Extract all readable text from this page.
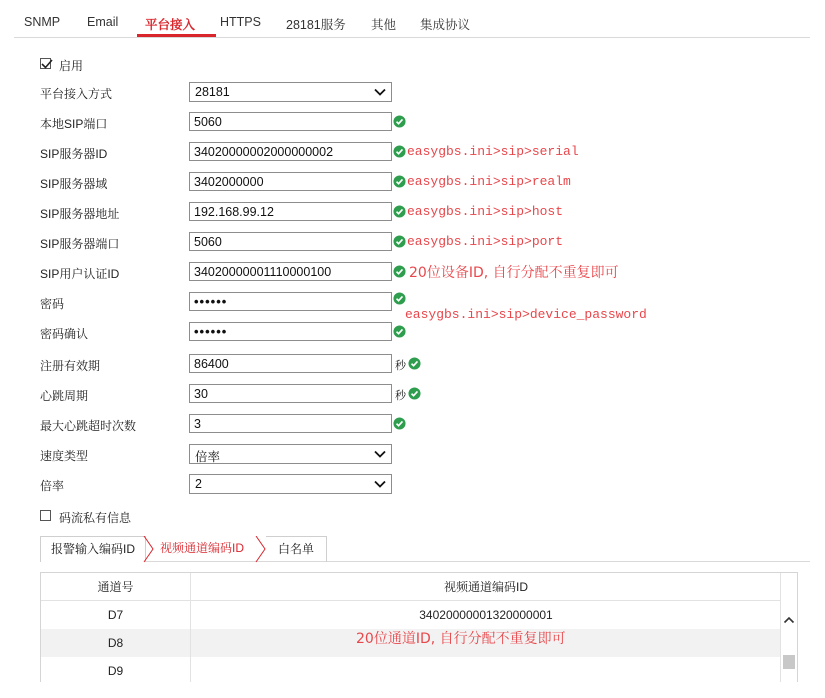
SNMP Email 平台接入 HTTPS 28181服务 其他 集成协议
启用
平台接入方式	28181
本地SIP端口
5060
SIP服务器ID
34020000002000000002	easygbs.ini>sip>serial
SIP服务器域
3402000000	easygbs.ini>sip>realm
SIP服务器地址
192.168.99.12	easygbs.ini>sip>host
SIP服务器端口
5060	easygbs.ini>sip>port
SIP用户认证ID
34020000001110000100	20位设备ID, 自行分配不重复即可
密码
••••••
密码确认
••••••
easygbs.ini>sip>device_password
注册有效期
86400	秒
心跳周期
30	秒
最大心跳超时次数
3
速度类型	倍率
倍率	2
码流私有信息
报警输入编码ID	视频通道编码ID	白名单
通道号	视频通道编码ID
D7	34020000001320000001
D8
D9
20位通道ID, 自行分配不重复即可
